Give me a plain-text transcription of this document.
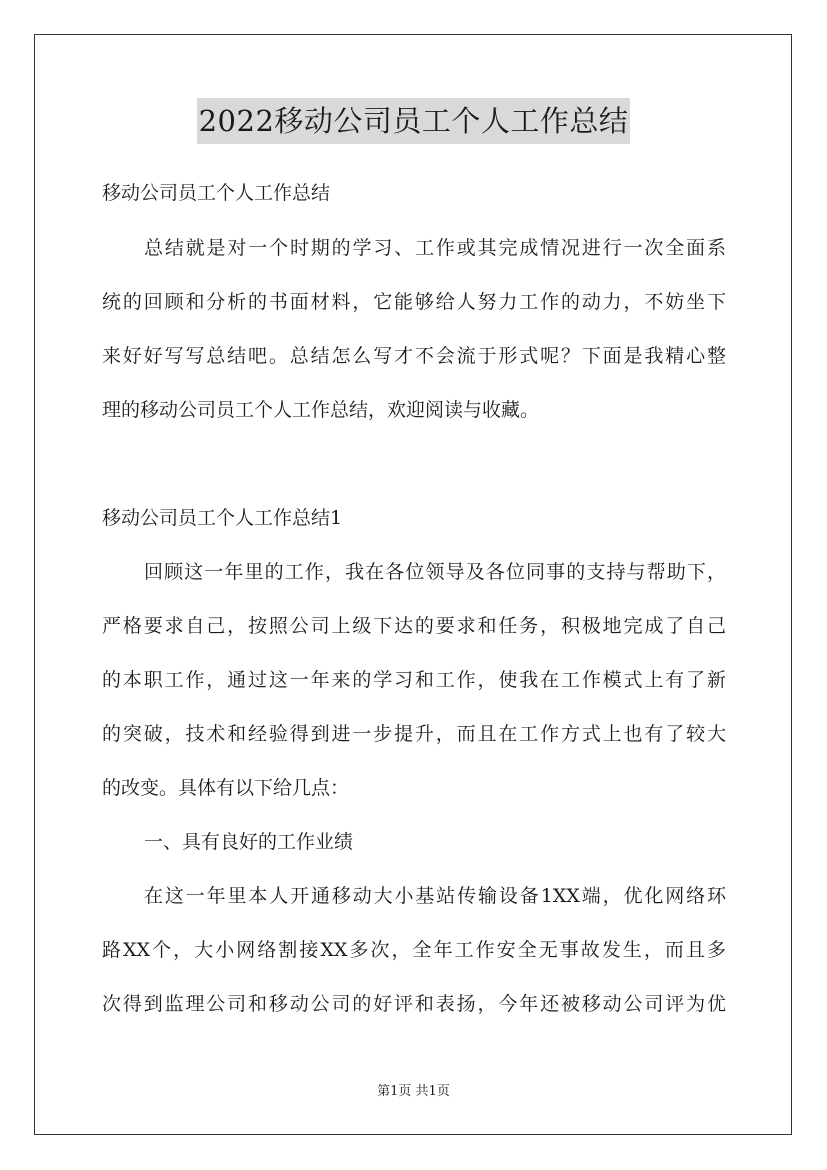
2022移动公司员工个人工作总结
移动公司员工个人工作总结
总结就是对一个时期的学习、工作或其完成情况进行一次全面系
统的回顾和分析的书面材料，它能够给人努力工作的动力，不妨坐下
来好好写写总结吧。总结怎么写才不会流于形式呢？下面是我精心整
理的移动公司员工个人工作总结，欢迎阅读与收藏。
移动公司员工个人工作总结1
回顾这一年里的工作，我在各位领导及各位同事的支持与帮助下，
严格要求自己，按照公司上级下达的要求和任务，积极地完成了自己
的本职工作，通过这一年来的学习和工作，使我在工作模式上有了新
的突破，技术和经验得到进一步提升，而且在工作方式上也有了较大
的改变。具体有以下给几点：
一、具有良好的工作业绩
在这一年里本人开通移动大小基站传输设备1XX端，优化网络环
路XX个，大小网络割接XX多次，全年工作安全无事故发生，而且多
次得到监理公司和移动公司的好评和表扬，今年还被移动公司评为优
第1页 共1页
